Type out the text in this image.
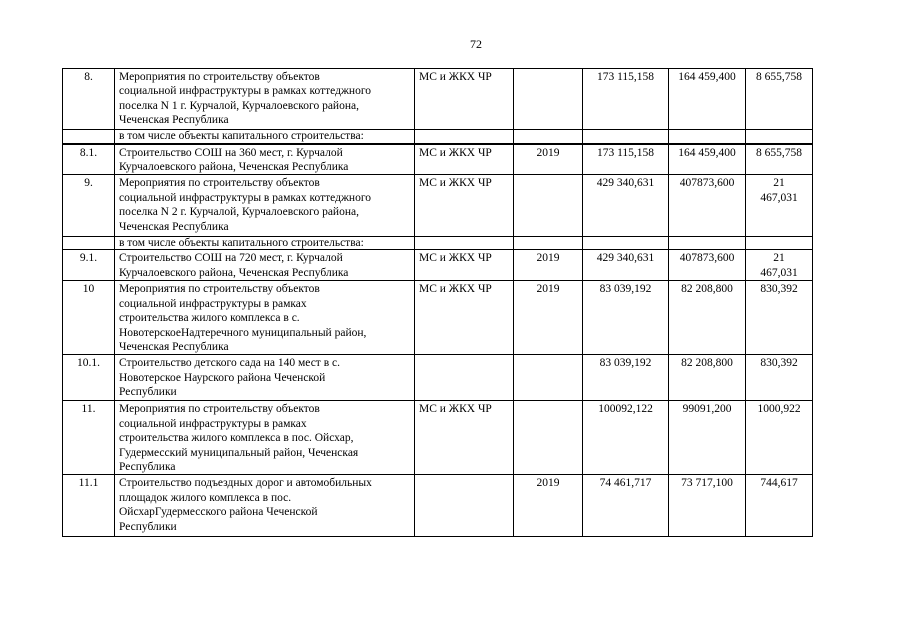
72
8.	Мероприятия по строительству объектов
социальной инфраструктуры в рамках коттеджного
поселка N 1 г. Курчалой, Курчалоевского района,
Чеченская Республика	МС и ЖКХ ЧР		173 115,158	164 459,400	8 655,758
	в том числе объекты капитального строительства:					
8.1.	Строительство СОШ на 360 мест, г. Курчалой
Курчалоевского района, Чеченская Республика	МС и ЖКХ ЧР	2019	173 115,158	164 459,400	8 655,758
9.	Мероприятия по строительству объектов
социальной инфраструктуры в рамках коттеджного
поселка N 2 г. Курчалой, Курчалоевского района,
Чеченская Республика	МС и ЖКХ ЧР		429 340,631	407873,600	21
467,031
	в том числе объекты капитального строительства:					
9.1.	Строительство СОШ на 720 мест, г. Курчалой
Курчалоевского района, Чеченская Республика	МС и ЖКХ ЧР	2019	429 340,631	407873,600	21
467,031
10	Мероприятия по строительству объектов
социальной инфраструктуры в рамках
строительства жилого комплекса в с.
НовотерскоеНадтеречного муниципальный район,
Чеченская Республика	МС и ЖКХ ЧР	2019	83 039,192	82 208,800	830,392
10.1.	Строительство детского сада на 140 мест в с.
Новотерское Наурского района Чеченской
Республики			83 039,192	82 208,800	830,392
11.	Мероприятия по строительству объектов
социальной инфраструктуры в рамках
строительства жилого комплекса в пос. Ойсхар,
Гудермесский муниципальный район, Чеченская
Республика	МС и ЖКХ ЧР		100092,122	99091,200	1000,922
11.1	Строительство подъездных дорог и автомобильных
площадок жилого комплекса в пос.
ОйсхарГудермесского района Чеченской
Республики		2019	74 461,717	73 717,100	744,617
